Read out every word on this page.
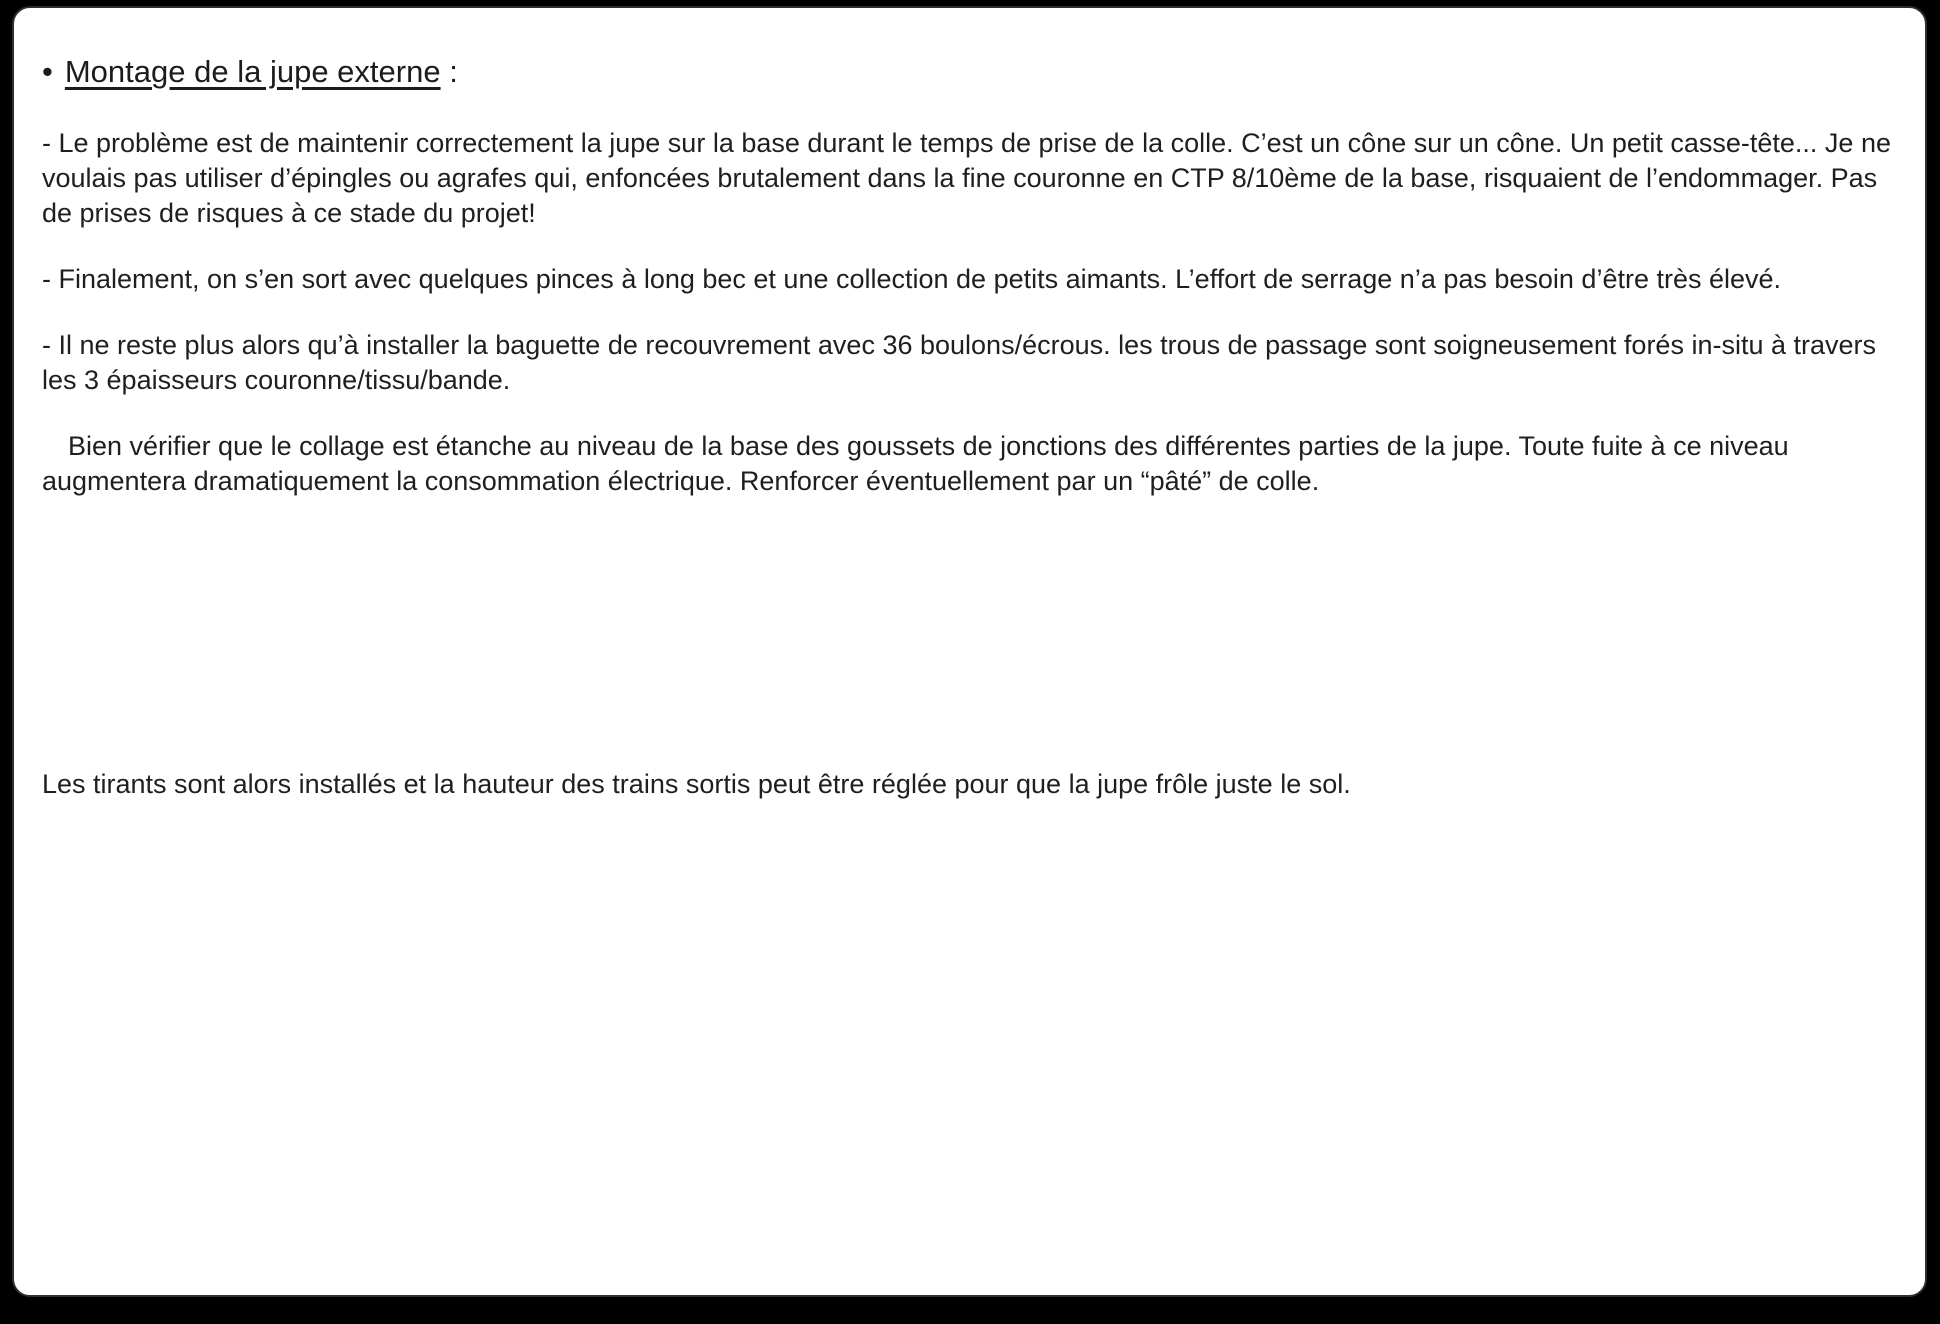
• Montage de la jupe externe :

- Le problème est de maintenir correctement la jupe sur la base durant le temps de prise de la colle. C’est un cône sur un cône. Un petit casse-tête... Je ne voulais pas utiliser d’épingles ou agrafes qui, enfoncées brutalement dans la fine couronne en CTP 8/10ème de la base, risquaient de l’endommager. Pas de prises de risques à ce stade du projet!

- Finalement, on s’en sort avec quelques pinces à long bec et une collection de petits aimants. L’effort de serrage n’a pas besoin d’être très élevé.

- Il ne reste plus alors qu’à installer la baguette de recouvrement avec 36 boulons/écrous. les trous de passage sont soigneusement forés in-situ à travers les 3 épaisseurs couronne/tissu/bande.

Bien vérifier que le collage est étanche au niveau de la base des goussets de jonctions des différentes parties de la jupe. Toute fuite à ce niveau augmentera dramatiquement la consommation électrique. Renforcer éventuellement par un “pâté” de colle.

Les tirants sont alors installés et la hauteur des trains sortis peut être réglée pour que la jupe frôle juste le sol.
